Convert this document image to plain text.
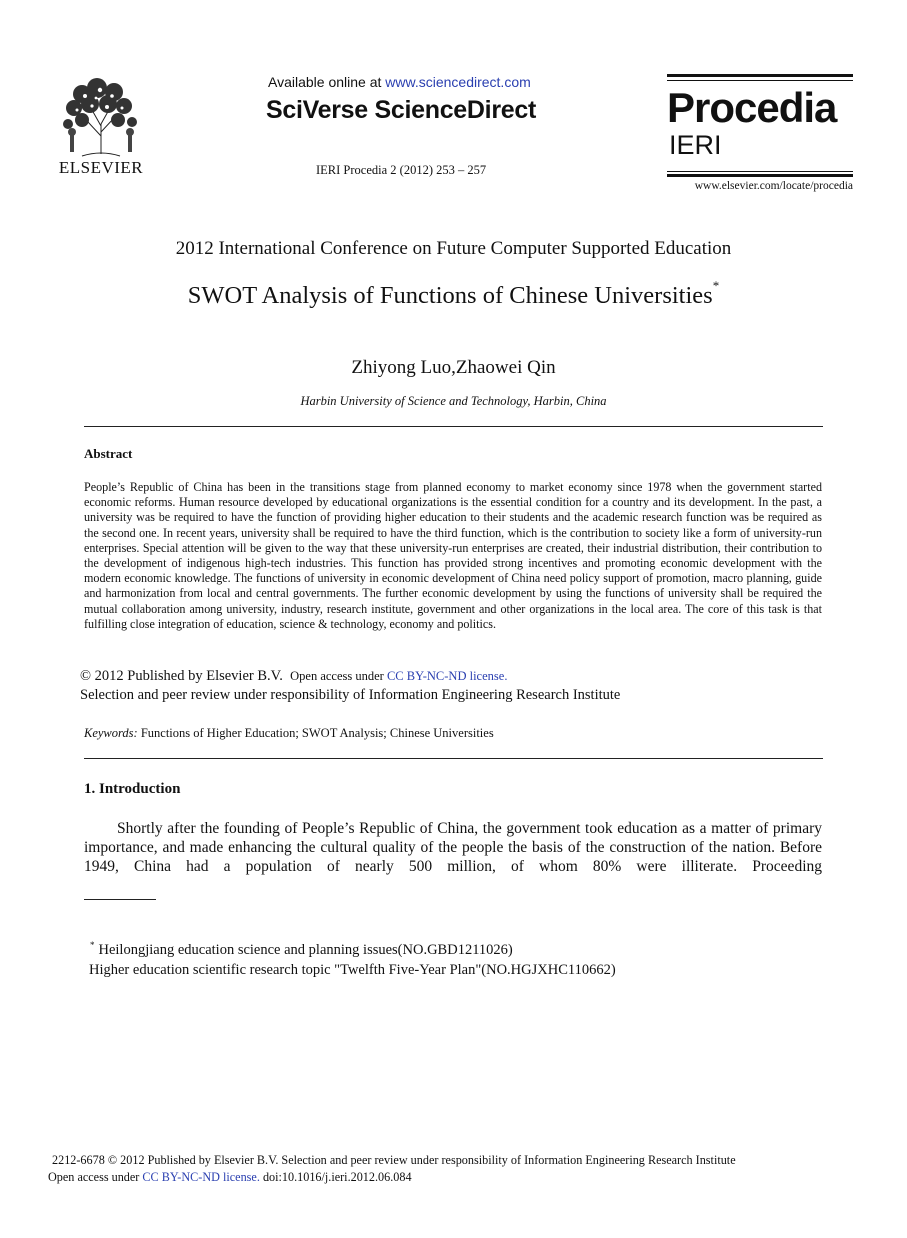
ELSEVIER
Available online at www.sciencedirect.com
SciVerse ScienceDirect
IERI Procedia 2 (2012) 253 – 257
Procedia
IERI
www.elsevier.com/locate/procedia
2012 International Conference on Future Computer Supported Education
SWOT Analysis of Functions of Chinese Universities*
Zhiyong Luo,Zhaowei Qin
Harbin University of Science and Technology, Harbin, China
Abstract
People’s Republic of China has been in the transitions stage from planned economy to market economy since 1978 when the government started economic reforms. Human resource developed by educational organizations is the essential condition for a country and its development. In the past, a university was be required to have the function of providing higher education to their students and the academic research function was be required as the second one. In recent years, university shall be required to have the third function, which is the contribution to society like a form of university-run enterprises. Special attention will be given to the way that these university-run enterprises are created, their industrial distribution, their contribution to the development of indigenous high-tech industries. This function has provided strong incentives and promoting economic development with the modern economic knowledge. The functions of university in economic development of China need policy support of promotion, macro planning, guide and harmonization from local and central governments. The further economic development by using the functions of university shall be required the mutual collaboration among university, industry, research institute, government and other organizations in the local area. The core of this task is that fulfilling close integration of education, science & technology, economy and politics.
© 2012 Published by Elsevier B.V. Open access under CC BY-NC-ND license.
Selection and peer review under responsibility of Information Engineering Research Institute
Keywords: Functions of Higher Education; SWOT Analysis; Chinese Universities
1. Introduction
Shortly after the founding of People’s Republic of China, the government took education as a matter of primary importance, and made enhancing the cultural quality of the people the basis of the construction of the nation. Before 1949, China had a population of nearly 500 million, of whom 80% were illiterate. Proceeding
* Heilongjiang education science and planning issues(NO.GBD1211026)
Higher education scientific research topic "Twelfth Five-Year Plan"(NO.HGJXHC110662)
2212-6678 © 2012 Published by Elsevier B.V. Selection and peer review under responsibility of Information Engineering Research Institute
Open access under CC BY-NC-ND license. doi:10.1016/j.ieri.2012.06.084
